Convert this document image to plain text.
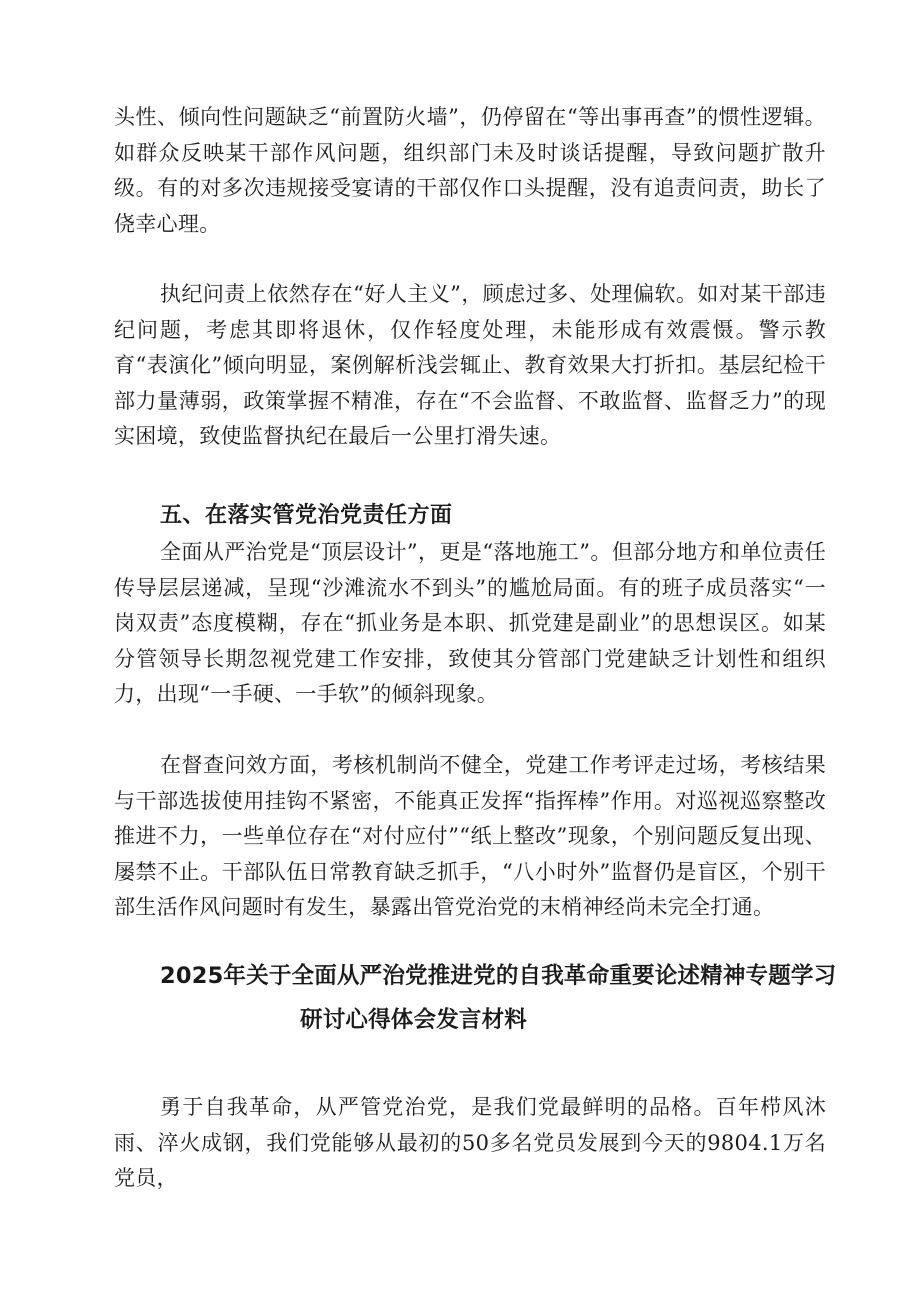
头性、倾向性问题缺乏“前置防火墙”，仍停留在“等出事再查”的惯性逻辑。如群众反映某干部作风问题，组织部门未及时谈话提醒，导致问题扩散升级。有的对多次违规接受宴请的干部仅作口头提醒，没有追责问责，助长了侥幸心理。

执纪问责上依然存在“好人主义”，顾虑过多、处理偏软。如对某干部违纪问题，考虑其即将退休，仅作轻度处理，未能形成有效震慑。警示教育“表演化”倾向明显，案例解析浅尝辄止、教育效果大打折扣。基层纪检干部力量薄弱，政策掌握不精准，存在“不会监督、不敢监督、监督乏力”的现实困境，致使监督执纪在最后一公里打滑失速。

五、在落实管党治党责任方面

全面从严治党是“顶层设计”，更是“落地施工”。但部分地方和单位责任传导层层递减，呈现“沙滩流水不到头”的尴尬局面。有的班子成员落实“一岗双责”态度模糊，存在“抓业务是本职、抓党建是副业”的思想误区。如某分管领导长期忽视党建工作安排，致使其分管部门党建缺乏计划性和组织力，出现“一手硬、一手软”的倾斜现象。

在督查问效方面，考核机制尚不健全，党建工作考评走过场，考核结果与干部选拔使用挂钩不紧密，不能真正发挥“指挥棒”作用。对巡视巡察整改推进不力，一些单位存在“对付应付”“纸上整改”现象，个别问题反复出现、屡禁不止。干部队伍日常教育缺乏抓手，“八小时外”监督仍是盲区，个别干部生活作风问题时有发生，暴露出管党治党的末梢神经尚未完全打通。

2025年关于全面从严治党推进党的自我革命重要论述精神专题学习
研讨心得体会发言材料

勇于自我革命，从严管党治党，是我们党最鲜明的品格。百年栉风沐雨、淬火成钢，我们党能够从最初的50多名党员发展到今天的9804.1万名党员，
